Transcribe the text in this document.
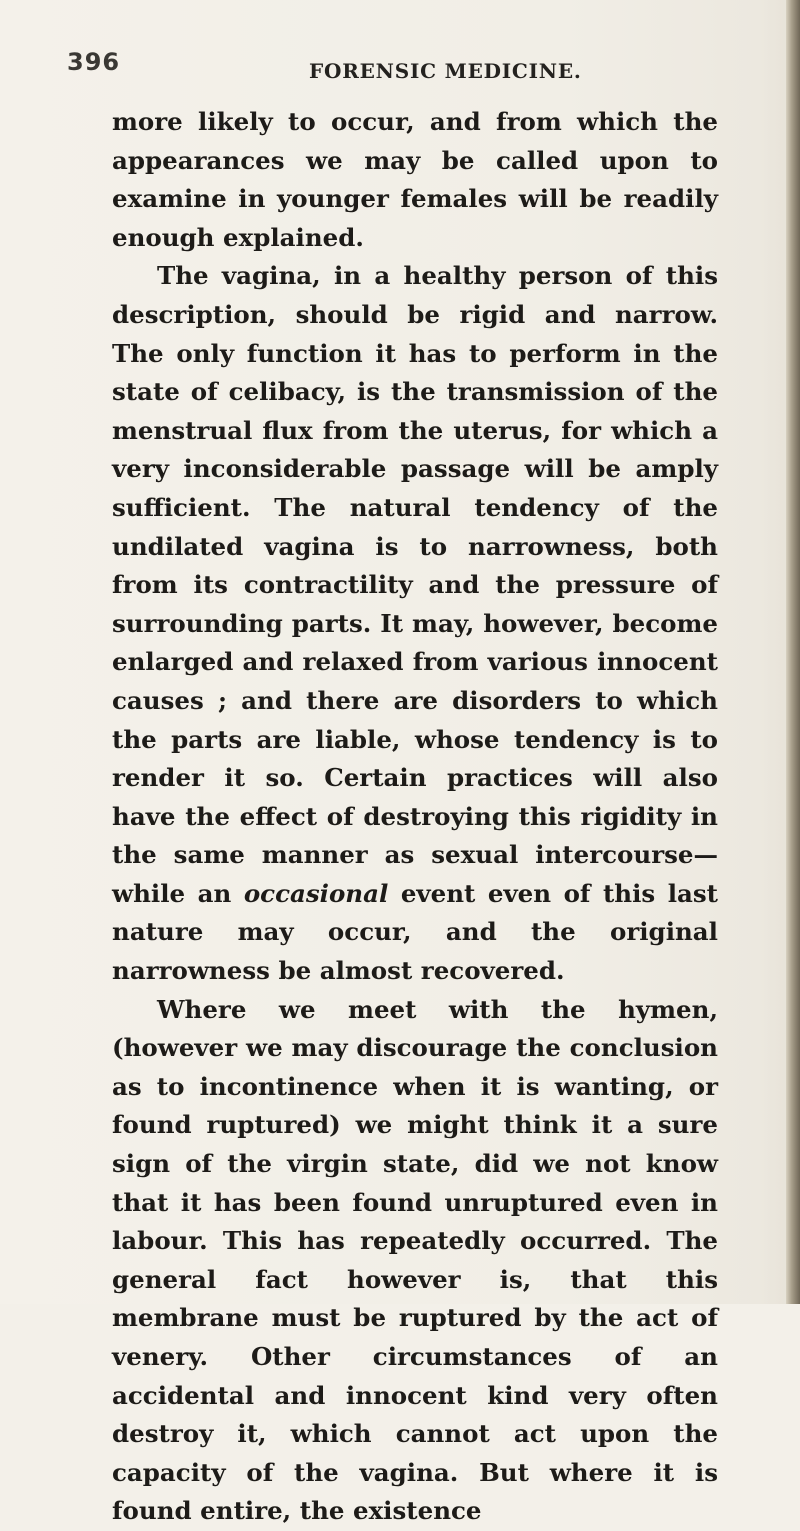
396	FORENSIC MEDICINE.

more likely to occur, and from which the appearances we may be called upon to examine in younger females will be readily enough explained.

The vagina, in a healthy person of this description, should be rigid and narrow. The only function it has to perform in the state of celibacy, is the transmission of the menstrual flux from the uterus, for which a very inconsiderable passage will be amply sufficient. The natural tendency of the undilated vagina is to narrowness, both from its contractility and the pressure of surrounding parts. It may, however, become enlarged and relaxed from various innocent causes ; and there are disorders to which the parts are liable, whose tendency is to render it so. Certain practices will also have the effect of destroying this rigidity in the same manner as sexual intercourse—while an occasional event even of this last nature may occur, and the original narrowness be almost recovered.

Where we meet with the hymen, (however we may discourage the conclusion as to incontinence when it is wanting, or found ruptured) we might think it a sure sign of the virgin state, did we not know that it has been found unruptured even in labour. This has repeatedly occurred. The general fact however is, that this membrane must be ruptured by the act of venery. Other circumstances of an accidental and innocent kind very often destroy it, which cannot act upon the capacity of the vagina. But where it is found entire, the existence
